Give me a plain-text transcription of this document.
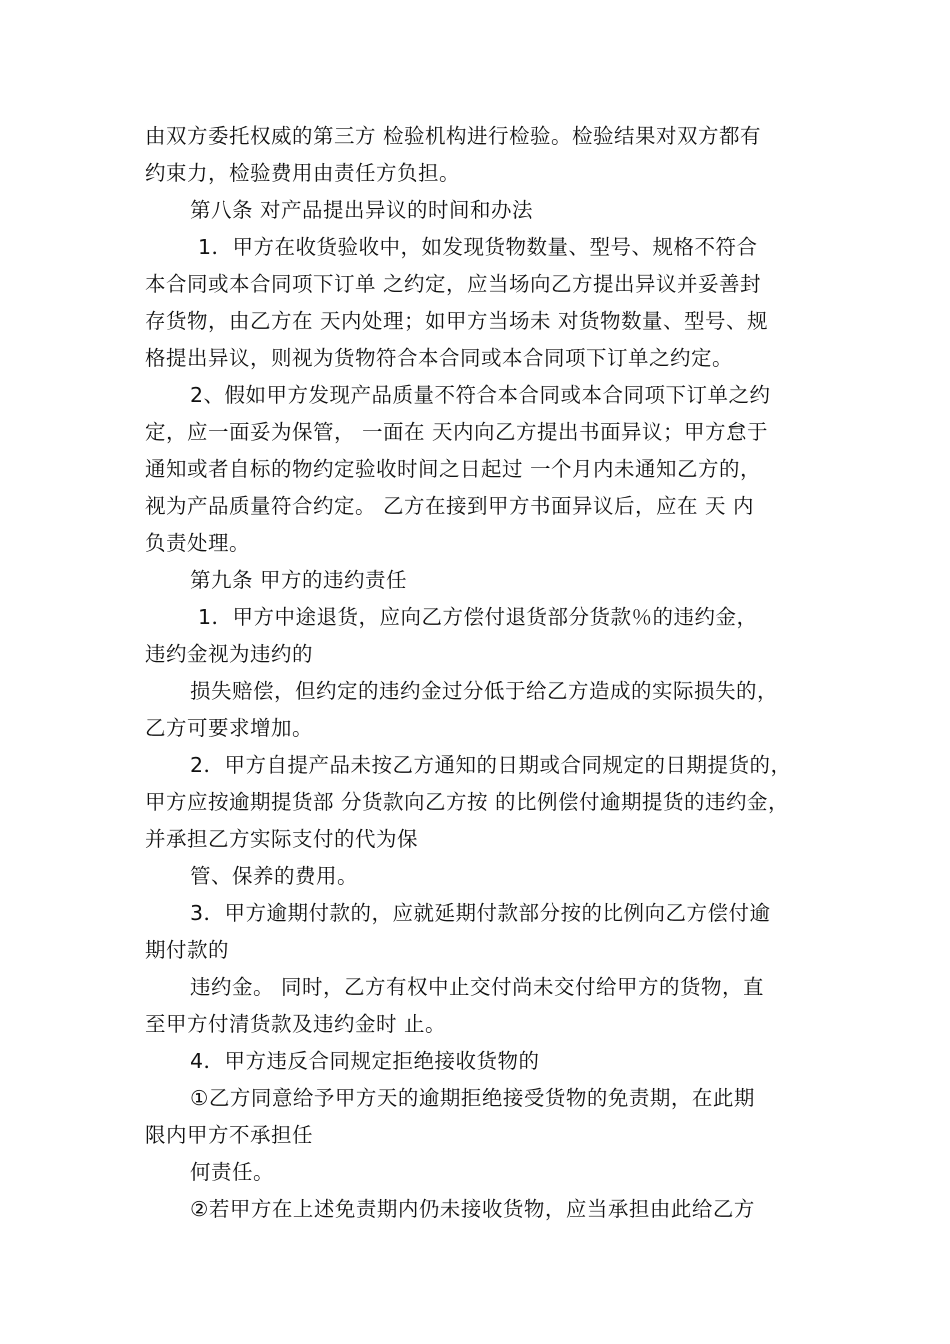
由双方委托权威的第三方 检验机构进行检验。检验结果对双方都有
约束力，检验费用由责任方负担。
第八条 对产品提出异议的时间和办法
1．甲方在收货验收中，如发现货物数量、型号、规格不符合
本合同或本合同项下订单 之约定，应当场向乙方提出异议并妥善封
存货物，由乙方在 天内处理；如甲方当场未 对货物数量、型号、规
格提出异议，则视为货物符合本合同或本合同项下订单之约定。
2、假如甲方发现产品质量不符合本合同或本合同项下订单之约
定，应一面妥为保管， 一面在 天内向乙方提出书面异议；甲方怠于
通知或者自标的物约定验收时间之日起过 一个月内未通知乙方的，
视为产品质量符合约定。 乙方在接到甲方书面异议后，应在 天 内
负责处理。
第九条 甲方的违约责任
1．甲方中途退货，应向乙方偿付退货部分货款％的违约金，
违约金视为违约的
损失赔偿，但约定的违约金过分低于给乙方造成的实际损失的，
乙方可要求增加。
2．甲方自提产品未按乙方通知的日期或合同规定的日期提货的，
甲方应按逾期提货部 分货款向乙方按 的比例偿付逾期提货的违约金，
并承担乙方实际支付的代为保
管、保养的费用。
3．甲方逾期付款的，应就延期付款部分按的比例向乙方偿付逾
期付款的
违约金。 同时，乙方有权中止交付尚未交付给甲方的货物，直
至甲方付清货款及违约金时 止。
4．甲方违反合同规定拒绝接收货物的
①乙方同意给予甲方天的逾期拒绝接受货物的免责期，在此期
限内甲方不承担任
何责任。
②若甲方在上述免责期内仍未接收货物，应当承担由此给乙方
